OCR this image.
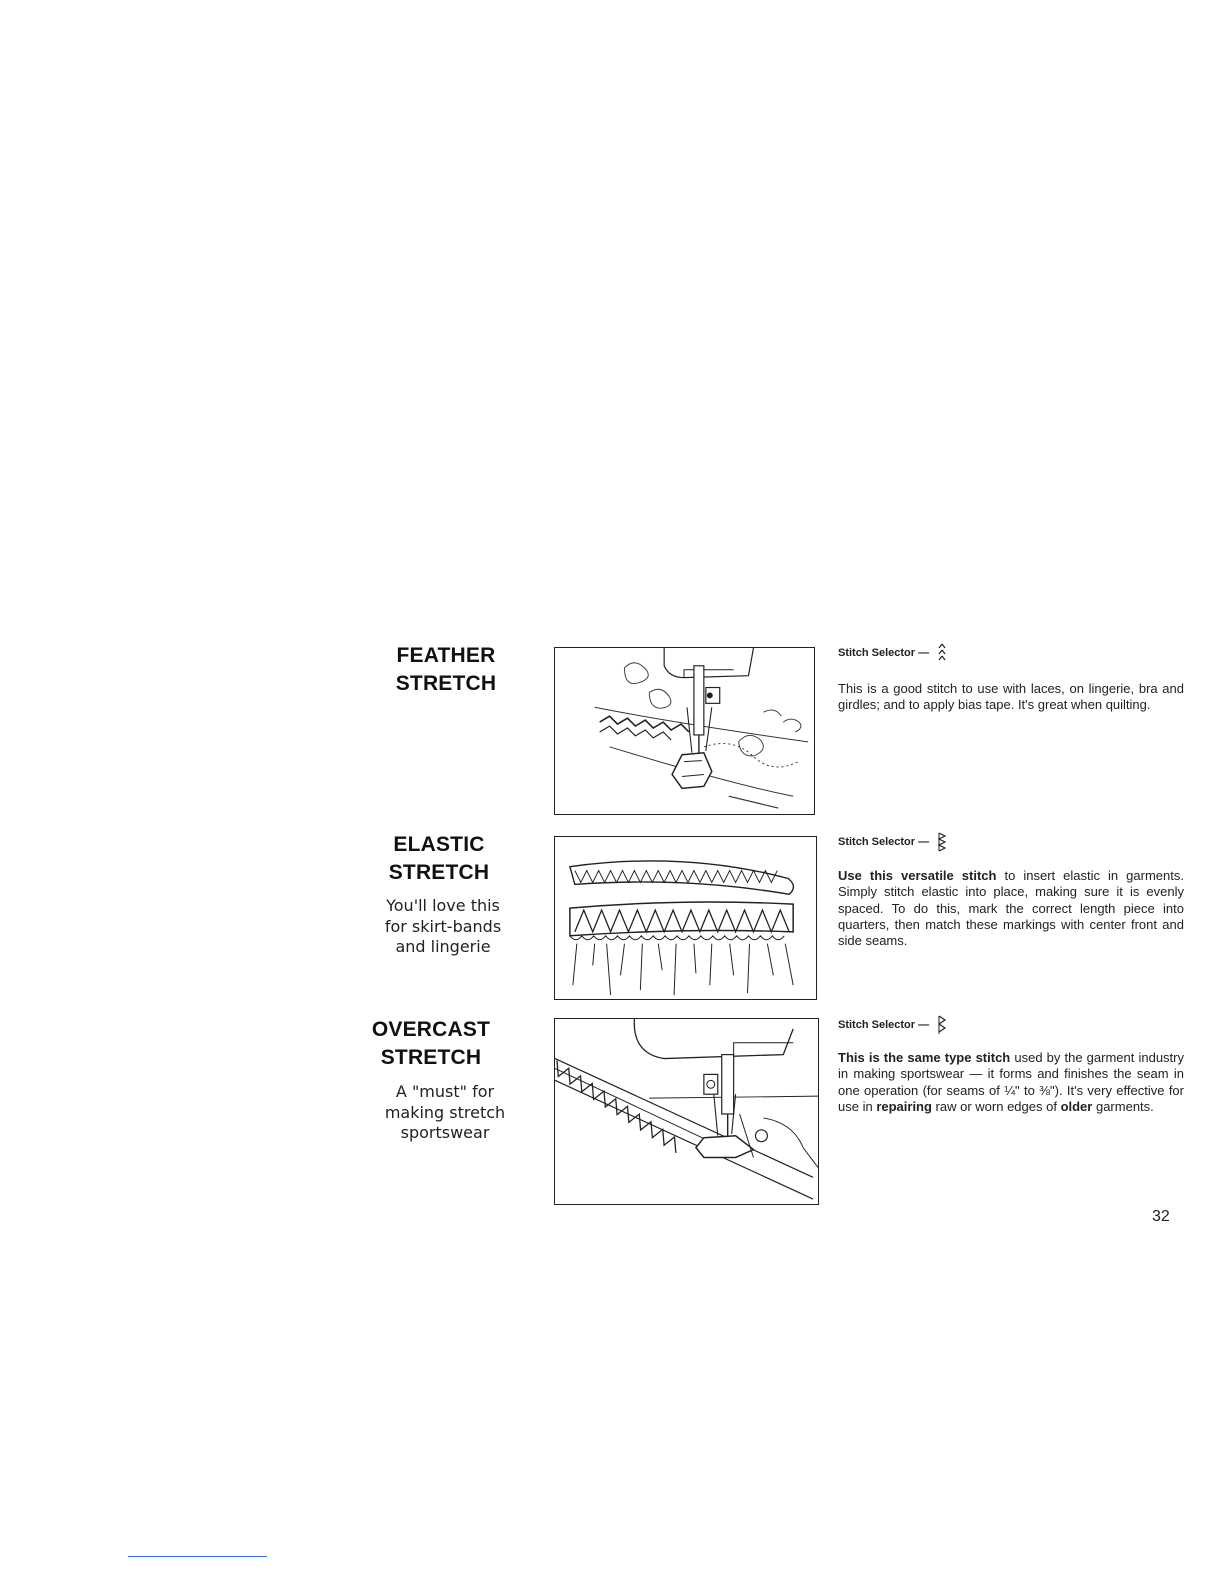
FEATHER
STRETCH
Stitch Selector —
This is a good stitch to use with laces, on lingerie, bra and girdles; and to apply bias tape. It's great when quilting.
ELASTIC
STRETCH
You'll love this
for skirt-bands
and lingerie
Stitch Selector —
Use this versatile stitch to insert elastic in garments. Simply stitch elastic into place, making sure it is evenly spaced. To do this, mark the correct length piece into quarters, then match these markings with center front and side seams.
OVERCAST
STRETCH
A "must" for
making stretch
sportswear
Stitch Selector —
This is the same type stitch used by the garment industry in making sportswear — it forms and finishes the seam in one operation (for seams of ¼" to ⅜"). It's very effective for use in repairing raw or worn edges of older garments.
32
